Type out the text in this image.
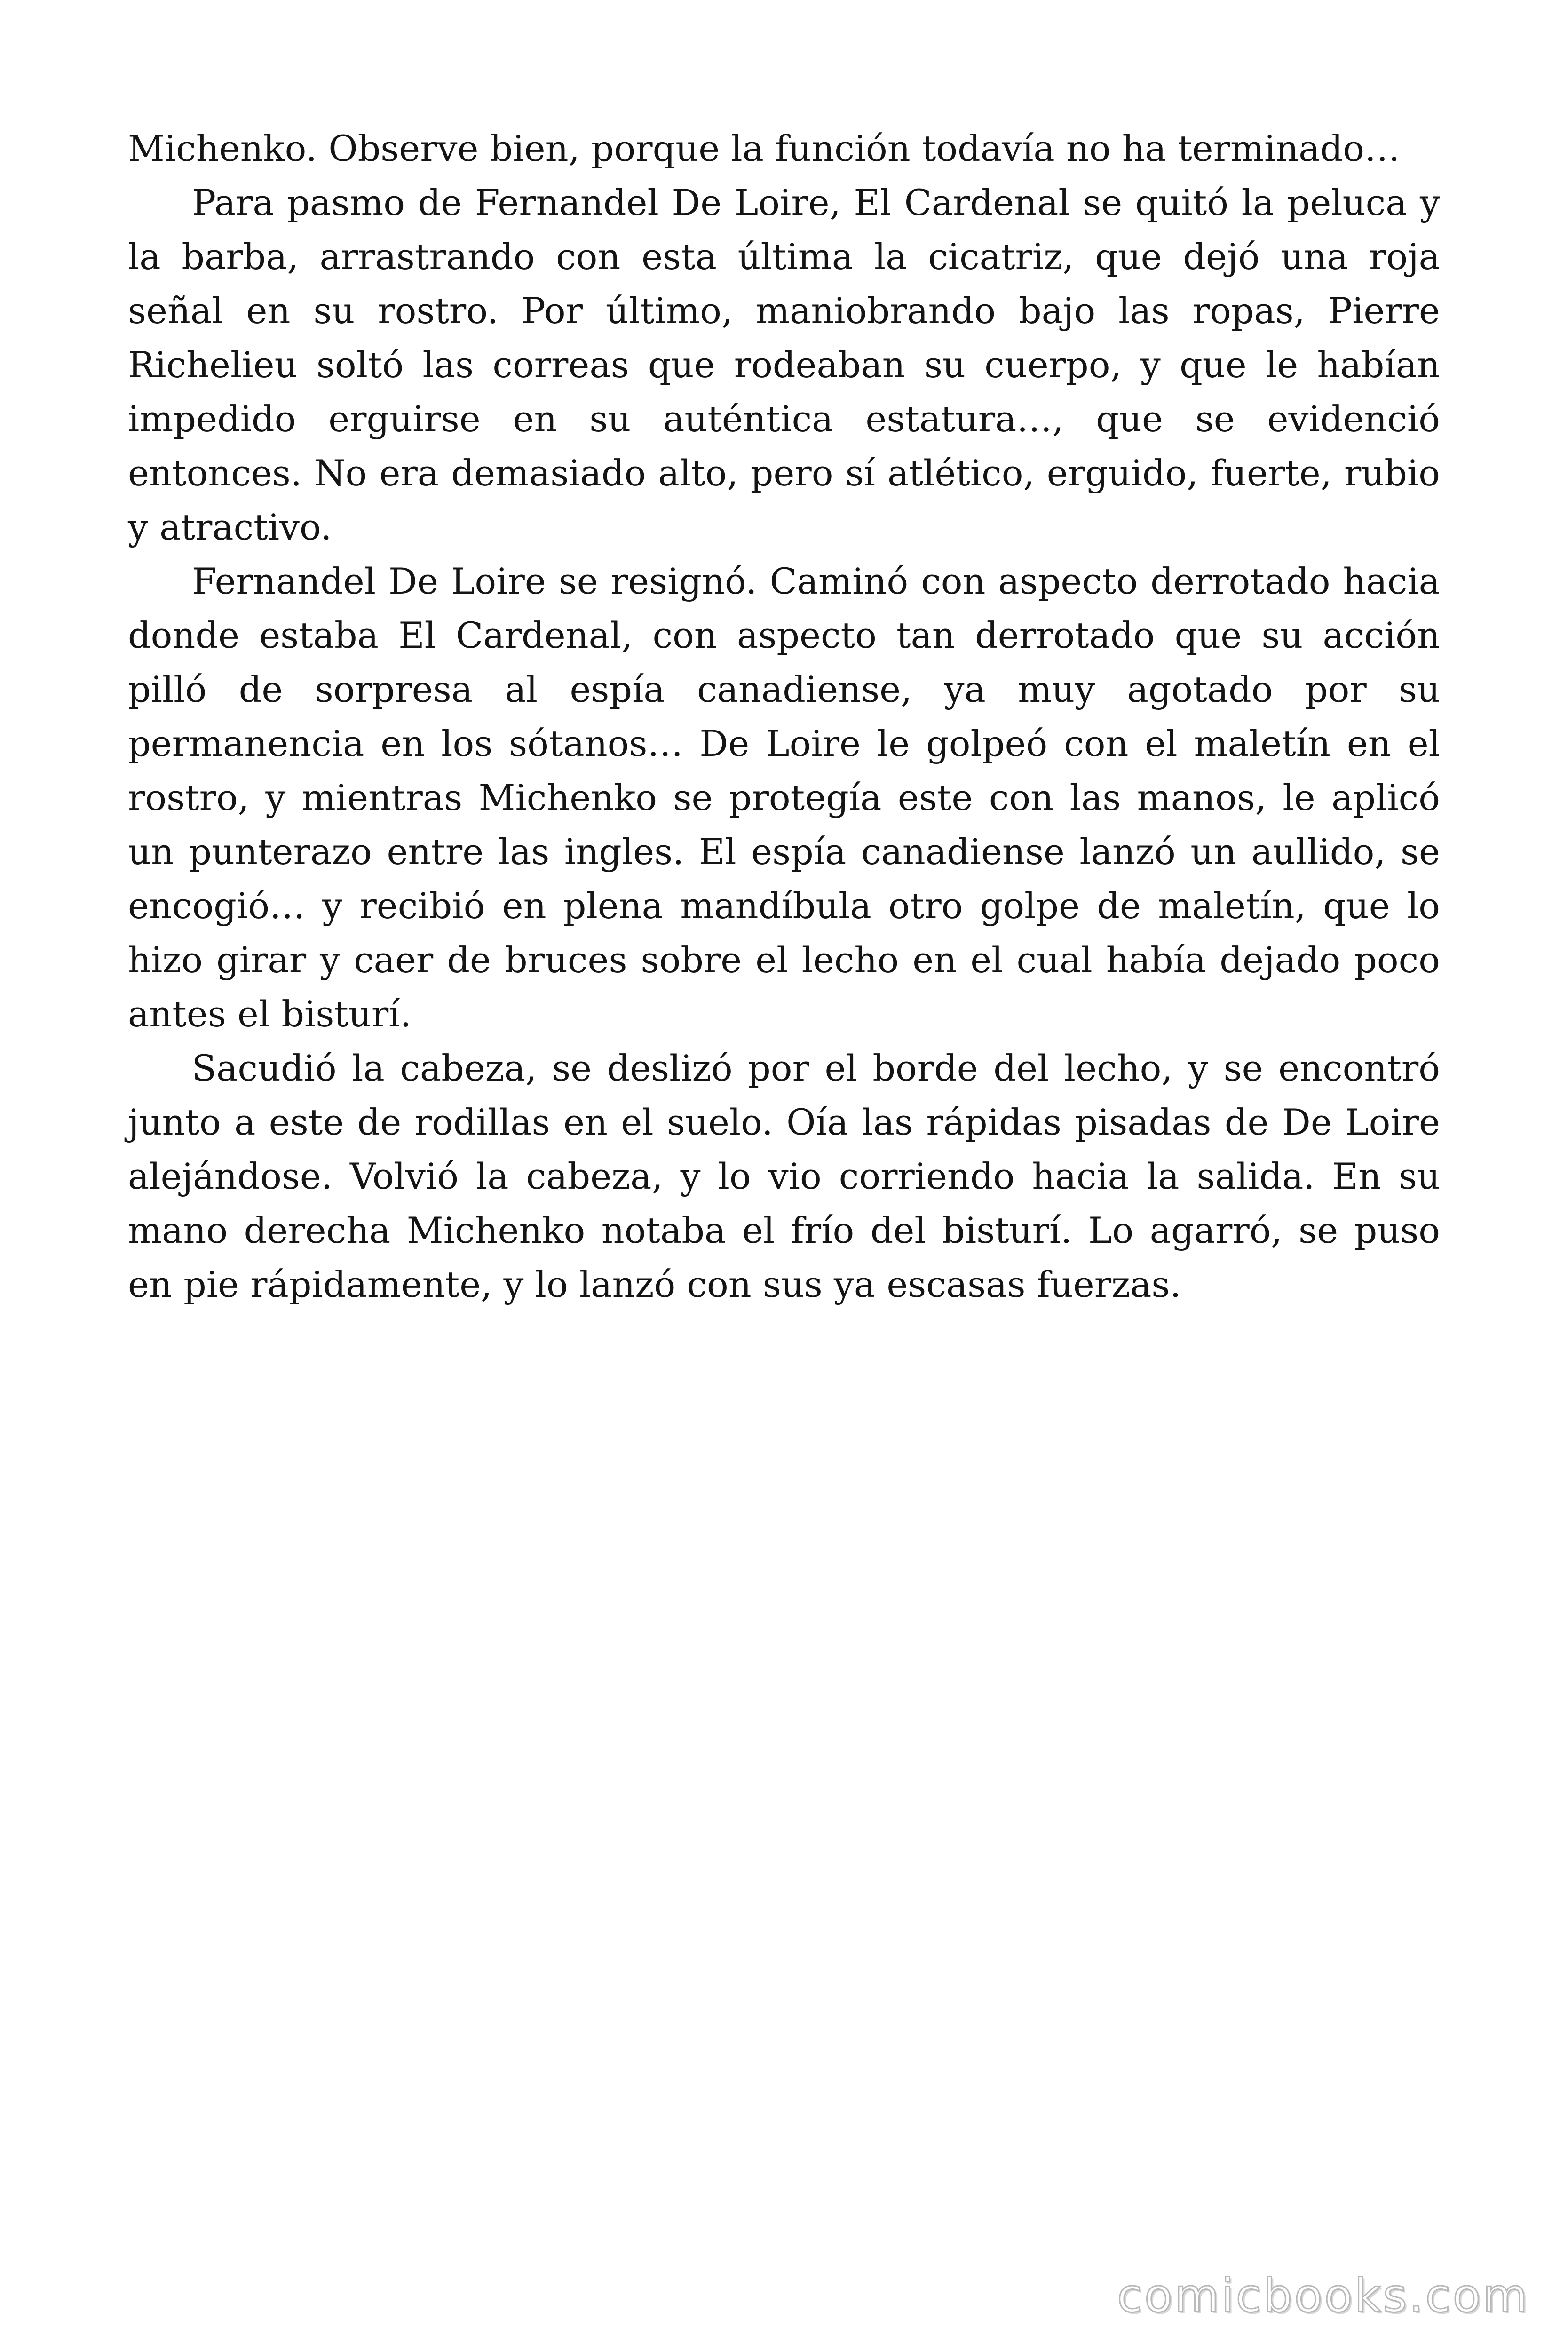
Michenko. Observe bien, porque la función todavía no ha terminado…

Para pasmo de Fernandel De Loire, El Cardenal se quitó la peluca y la barba, arrastrando con esta última la cicatriz, que dejó una roja señal en su rostro. Por último, maniobrando bajo las ropas, Pierre Richelieu soltó las correas que rodeaban su cuerpo, y que le habían impedido erguirse en su auténtica estatura…, que se evidenció entonces. No era demasiado alto, pero sí atlético, erguido, fuerte, rubio y atractivo.

Fernandel De Loire se resignó. Caminó con aspecto derrotado hacia donde estaba El Cardenal, con aspecto tan derrotado que su acción pilló de sorpresa al espía canadiense, ya muy agotado por su permanencia en los sótanos… De Loire le golpeó con el maletín en el rostro, y mientras Michenko se protegía este con las manos, le aplicó un punterazo entre las ingles. El espía canadiense lanzó un aullido, se encogió… y recibió en plena mandíbula otro golpe de maletín, que lo hizo girar y caer de bruces sobre el lecho en el cual había dejado poco antes el bisturí.

Sacudió la cabeza, se deslizó por el borde del lecho, y se encontró junto a este de rodillas en el suelo. Oía las rápidas pisadas de De Loire alejándose. Volvió la cabeza, y lo vio corriendo hacia la salida. En su mano derecha Michenko notaba el frío del bisturí. Lo agarró, se puso en pie rápidamente, y lo lanzó con sus ya escasas fuerzas.

comicbooks.com
